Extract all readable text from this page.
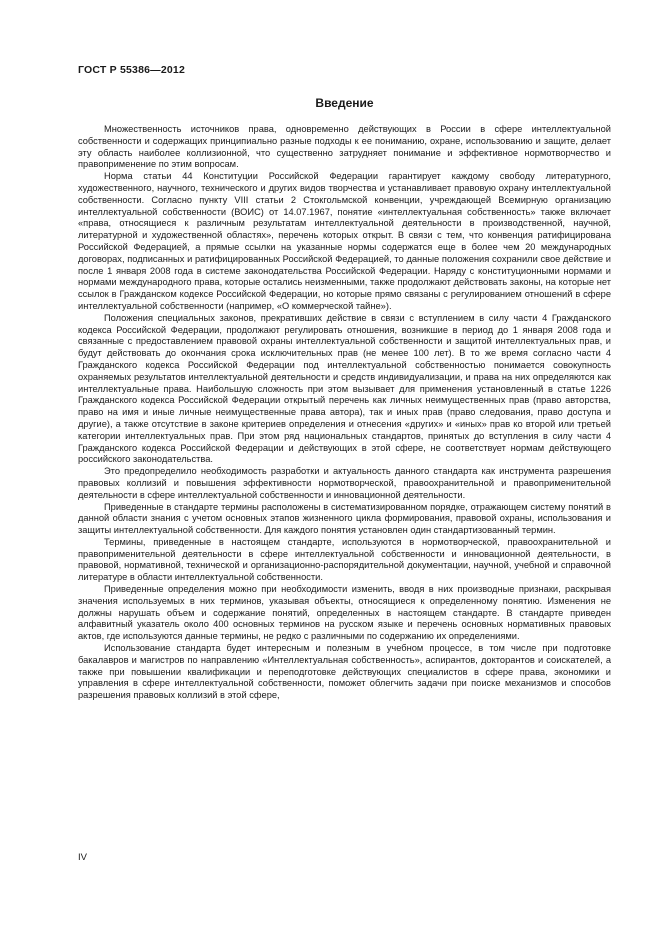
ГОСТ Р 55386—2012
Введение

Множественность источников права, одновременно действующих в России в сфере интеллектуальной собственности и содержащих принципиально разные подходы к ее пониманию, охране, использованию и защите, делает эту область наиболее коллизионной, что существенно затрудняет понимание и эффективное нормотворчество и правоприменение по этим вопросам.

Норма статьи 44 Конституции Российской Федерации гарантирует каждому свободу литературного, художественного, научного, технического и других видов творчества и устанавливает правовую охрану интеллектуальной собственности. Согласно пункту VIII статьи 2 Стокгольмской конвенции, учреждающей Всемирную организацию интеллектуальной собственности (ВОИС) от 14.07.1967, понятие «интеллектуальная собственность» также включает «права, относящиеся к различным результатам интеллектуальной деятельности в производственной, научной, литературной и художественной областях», перечень которых открыт. В связи с тем, что конвенция ратифицирована Российской Федерацией, а прямые ссылки на указанные нормы содержатся еще в более чем 20 международных договорах, подписанных и ратифицированных Российской Федерацией, то данные положения сохранили свое действие и после 1 января 2008 года в системе законодательства Российской Федерации. Наряду с конституционными нормами и нормами международного права, которые остались неизменными, также продолжают действовать законы, на которые нет ссылок в Гражданском кодексе Российской Федерации, но которые прямо связаны с регулированием отношений в сфере интеллектуальной собственности (например, «О коммерческой тайне»).

Положения специальных законов, прекративших действие в связи с вступлением в силу части 4 Гражданского кодекса Российской Федерации, продолжают регулировать отношения, возникшие в период до 1 января 2008 года и связанные с предоставлением правовой охраны интеллектуальной собственности и защитой интеллектуальных прав, и будут действовать до окончания срока исключительных прав (не менее 100 лет). В то же время согласно части 4 Гражданского кодекса Российской Федерации под интеллектуальной собственностью понимается совокупность охраняемых результатов интеллектуальной деятельности и средств индивидуализации, и права на них определяются как интеллектуальные права. Наибольшую сложность при этом вызывает для применения установленный в статье 1226 Гражданского кодекса Российской Федерации открытый перечень как личных неимущественных прав (право авторства, право на имя и иные личные неимущественные права автора), так и иных прав (право следования, право доступа и другие), а также отсутствие в законе критериев определения и отнесения «других» и «иных» прав ко второй или третьей категории интеллектуальных прав. При этом ряд национальных стандартов, принятых до вступления в силу части 4 Гражданского кодекса Российской Федерации и действующих в этой сфере, не соответствует нормам действующего российского законодательства.

Это предопределило необходимость разработки и актуальность данного стандарта как инструмента разрешения правовых коллизий и повышения эффективности нормотворческой, правоохранительной и правоприменительной деятельности в сфере интеллектуальной собственности и инновационной деятельности.

Приведенные в стандарте термины расположены в систематизированном порядке, отражающем систему понятий в данной области знания с учетом основных этапов жизненного цикла формирования, правовой охраны, использования и защиты интеллектуальной собственности. Для каждого понятия установлен один стандартизованный термин.

Термины, приведенные в настоящем стандарте, используются в нормотворческой, правоохранительной и правоприменительной деятельности в сфере интеллектуальной собственности и инновационной деятельности, в правовой, нормативной, технической и организационно-распорядительной документации, научной, учебной и справочной литературе в области интеллектуальной собственности.

Приведенные определения можно при необходимости изменить, вводя в них производные признаки, раскрывая значения используемых в них терминов, указывая объекты, относящиеся к определенному понятию. Изменения не должны нарушать объем и содержание понятий, определенных в настоящем стандарте. В стандарте приведен алфавитный указатель около 400 основных терминов на русском языке и перечень основных нормативных правовых актов, где используются данные термины, не редко с различными по содержанию их определениями.

Использование стандарта будет интересным и полезным в учебном процессе, в том числе при подготовке бакалавров и магистров по направлению «Интеллектуальная собственность», аспирантов, докторантов и соискателей, а также при повышении квалификации и переподготовке действующих специалистов в сфере права, экономики и управления в сфере интеллектуальной собственности, поможет облегчить задачи при поиске механизмов и способов разрешения правовых коллизий в этой сфере,

IV
